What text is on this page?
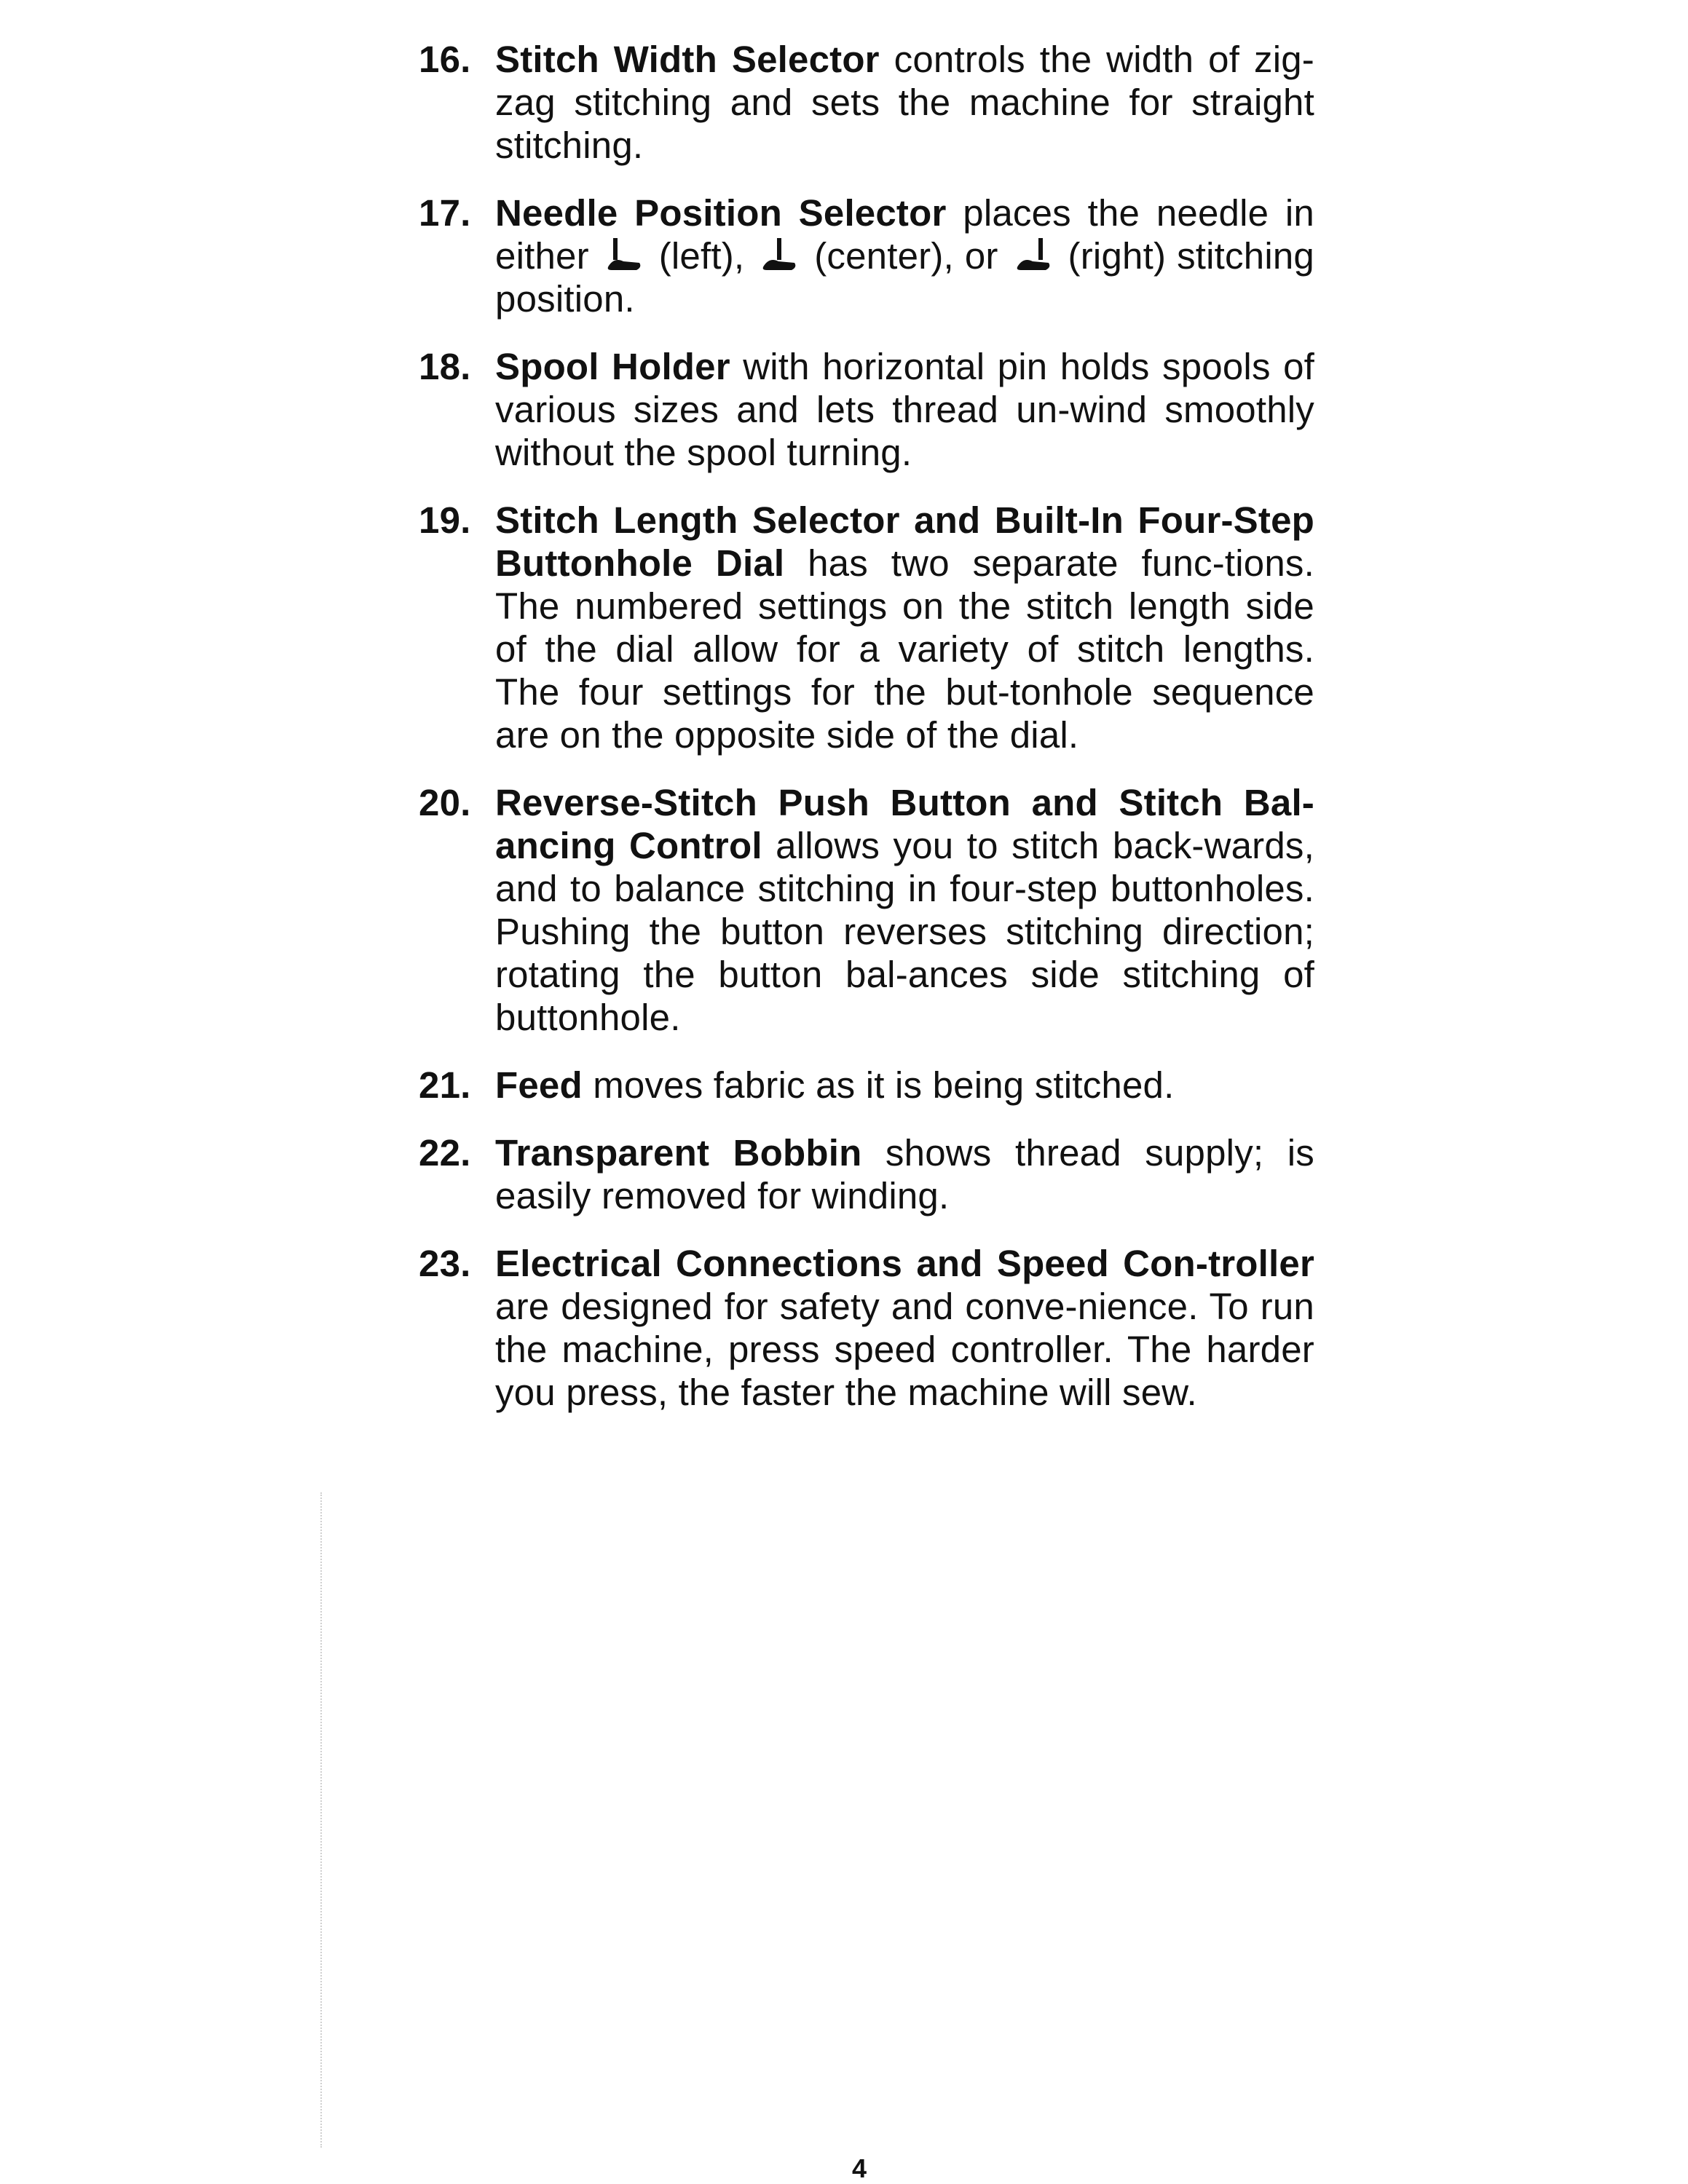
16. Stitch Width Selector controls the width of zig-zag stitching and sets the machine for straight stitching.
17. Needle Position Selector places the needle in either  (left),  (center), or  (right) stitching position.
18. Spool Holder with horizontal pin holds spools of various sizes and lets thread un-wind smoothly without the spool turning.
19. Stitch Length Selector and Built-In Four-Step Buttonhole Dial has two separate func-tions. The numbered settings on the stitch length side of the dial allow for a variety of stitch lengths. The four settings for the but-tonhole sequence are on the opposite side of the dial.
20. Reverse-Stitch Push Button and Stitch Bal-ancing Control allows you to stitch back-wards, and to balance stitching in four-step buttonholes. Pushing the button reverses stitching direction; rotating the button bal-ances side stitching of buttonhole.
21. Feed moves fabric as it is being stitched.
22. Transparent Bobbin shows thread supply; is easily removed for winding.
23. Electrical Connections and Speed Con-troller are designed for safety and conve-nience. To run the machine, press speed controller. The harder you press, the faster the machine will sew.
4
